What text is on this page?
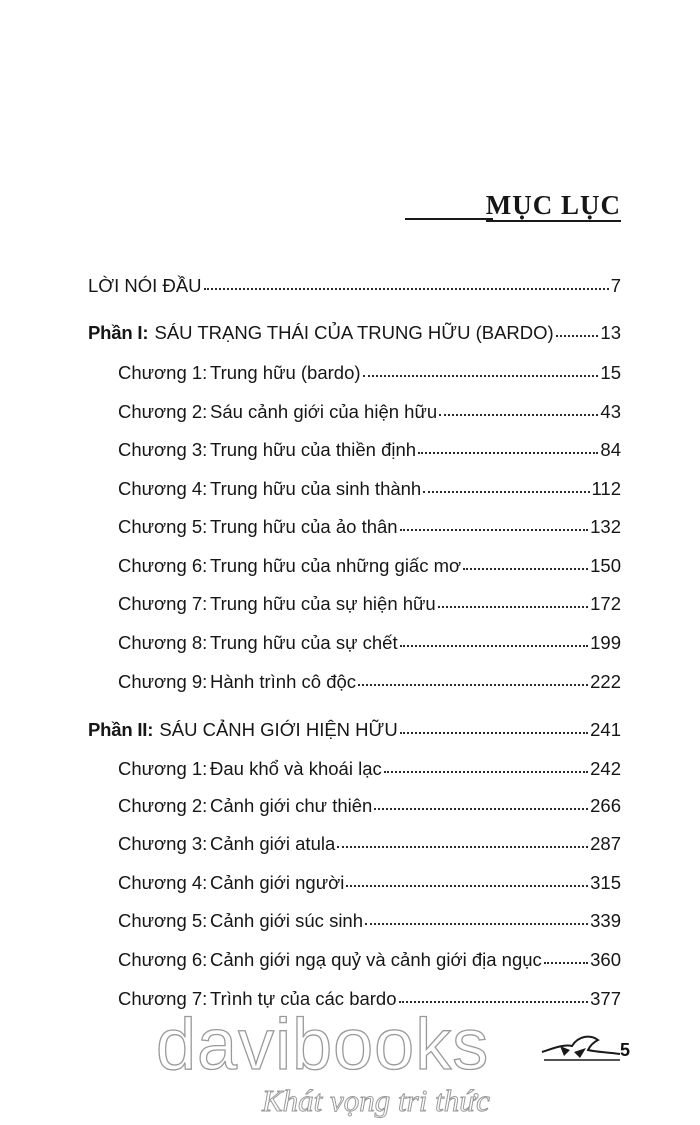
MỤC LỤC
LỜI NÓI ĐẦU	7
Phần I : SÁU TRẠNG THÁI CỦA TRUNG HỮU (BARDO)	13
Chương 1: Trung hữu (bardo)	15
Chương 2: Sáu cảnh giới của hiện hữu	43
Chương 3: Trung hữu của thiền định	84
Chương 4: Trung hữu của sinh thành	112
Chương 5: Trung hữu của ảo thân	132
Chương 6: Trung hữu của những giấc mơ	150
Chương 7: Trung hữu của sự hiện hữu	172
Chương 8: Trung hữu của sự chết	199
Chương 9: Hành trình cô độc	222
Phần II : SÁU CẢNH GIỚI HIỆN HỮU	241
Chương 1: Đau khổ và khoái lạc	242
Chương 2: Cảnh giới chư thiên	266
Chương 3: Cảnh giới atula	287
Chương 4: Cảnh giới người	315
Chương 5: Cảnh giới súc sinh	339
Chương 6: Cảnh giới ngạ quỷ và cảnh giới địa ngục	360
Chương 7: Trình tự của các bardo	377
5
davibooks
Khát vọng tri thức
